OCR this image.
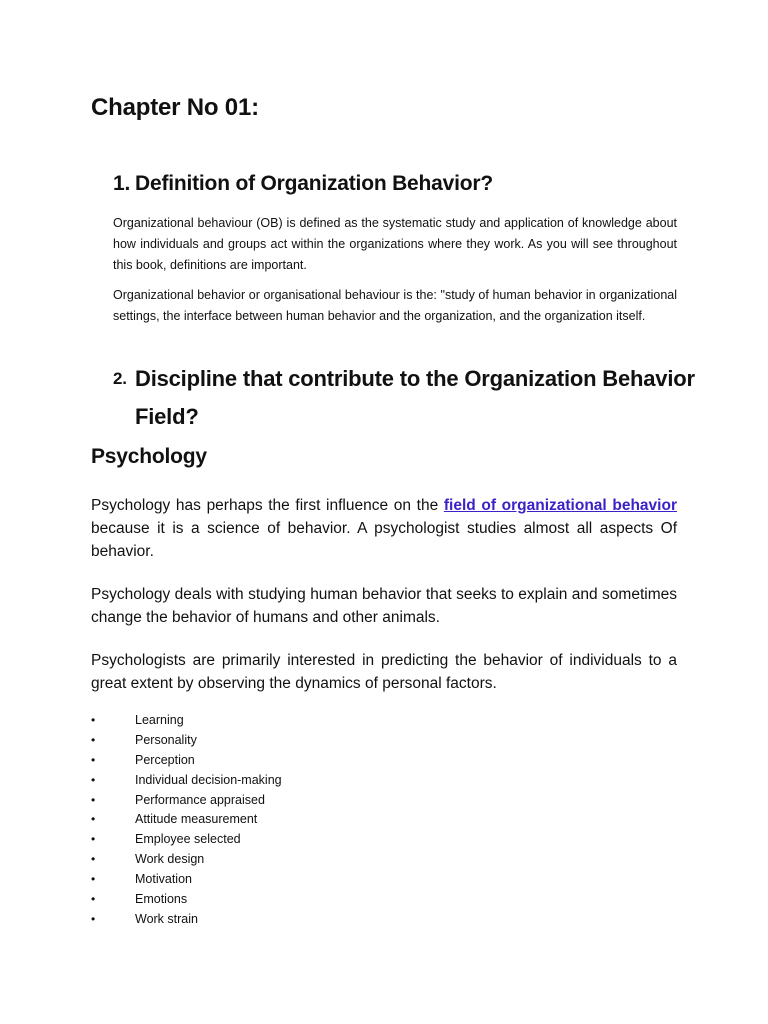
Chapter No 01:
1. Definition of Organization Behavior?

Organizational behaviour (OB) is defined as the systematic study and application of knowledge about how individuals and groups act within the organizations where they work. As you will see throughout this book, definitions are important.

Organizational behavior or organisational behaviour is the: "study of human behavior in organizational settings, the interface between human behavior and the organization, and the organization itself.

2. Discipline that contribute to the Organization Behavior Field?
Psychology

Psychology has perhaps the first influence on the field of organizational behavior because it is a science of behavior. A psychologist studies almost all aspects Of behavior.

Psychology deals with studying human behavior that seeks to explain and sometimes change the behavior of humans and other animals.

Psychologists are primarily interested in predicting the behavior of individuals to a great extent by observing the dynamics of personal factors.

•	Learning
•	Personality
•	Perception
•	Individual decision-making
•	Performance appraised
•	Attitude measurement
•	Employee selected
•	Work design
•	Motivation
•	Emotions
•	Work strain
